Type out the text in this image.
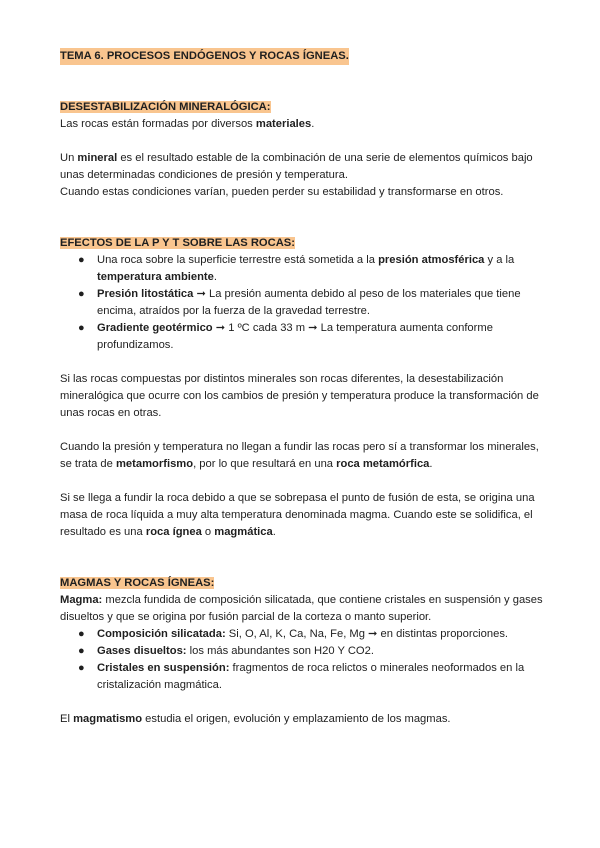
TEMA 6. PROCESOS ENDÓGENOS Y ROCAS ÍGNEAS.
DESESTABILIZACIÓN MINERALÓGICA:

Las rocas están formadas por diversos materiales.

Un mineral es el resultado estable de la combinación de una serie de elementos químicos bajo unas determinadas condiciones de presión y temperatura.

Cuando estas condiciones varían, pueden perder su estabilidad y transformarse en otros.

EFECTOS DE LA P Y T SOBRE LAS ROCAS:
● Una roca sobre la superficie terrestre está sometida a la presión atmosférica y a la temperatura ambiente.
● Presión litostática ➞ La presión aumenta debido al peso de los materiales que tiene encima, atraídos por la fuerza de la gravedad terrestre.
● Gradiente geotérmico ➞ 1 ºC cada 33 m ➞ La temperatura aumenta conforme profundizamos.

Si las rocas compuestas por distintos minerales son rocas diferentes, la desestabilización mineralógica que ocurre con los cambios de presión y temperatura produce la transformación de unas rocas en otras.

Cuando la presión y temperatura no llegan a fundir las rocas pero sí a transformar los minerales, se trata de metamorfismo, por lo que resultará en una roca metamórfica.

Si se llega a fundir la roca debido a que se sobrepasa el punto de fusión de esta, se origina una masa de roca líquida a muy alta temperatura denominada magma. Cuando este se solidifica, el resultado es una roca ígnea o magmática.

MAGMAS Y ROCAS ÍGNEAS:

Magma: mezcla fundida de composición silicatada, que contiene cristales en suspensión y gases disueltos y que se origina por fusión parcial de la corteza o manto superior.

● Composición silicatada: Si, O, Al, K, Ca, Na, Fe, Mg ➞ en distintas proporciones.
● Gases disueltos: los más abundantes son H20 Y CO2.
● Cristales en suspensión: fragmentos de roca relictos o minerales neoformados en la cristalización magmática.

El magmatismo estudia el origen, evolución y emplazamiento de los magmas.
